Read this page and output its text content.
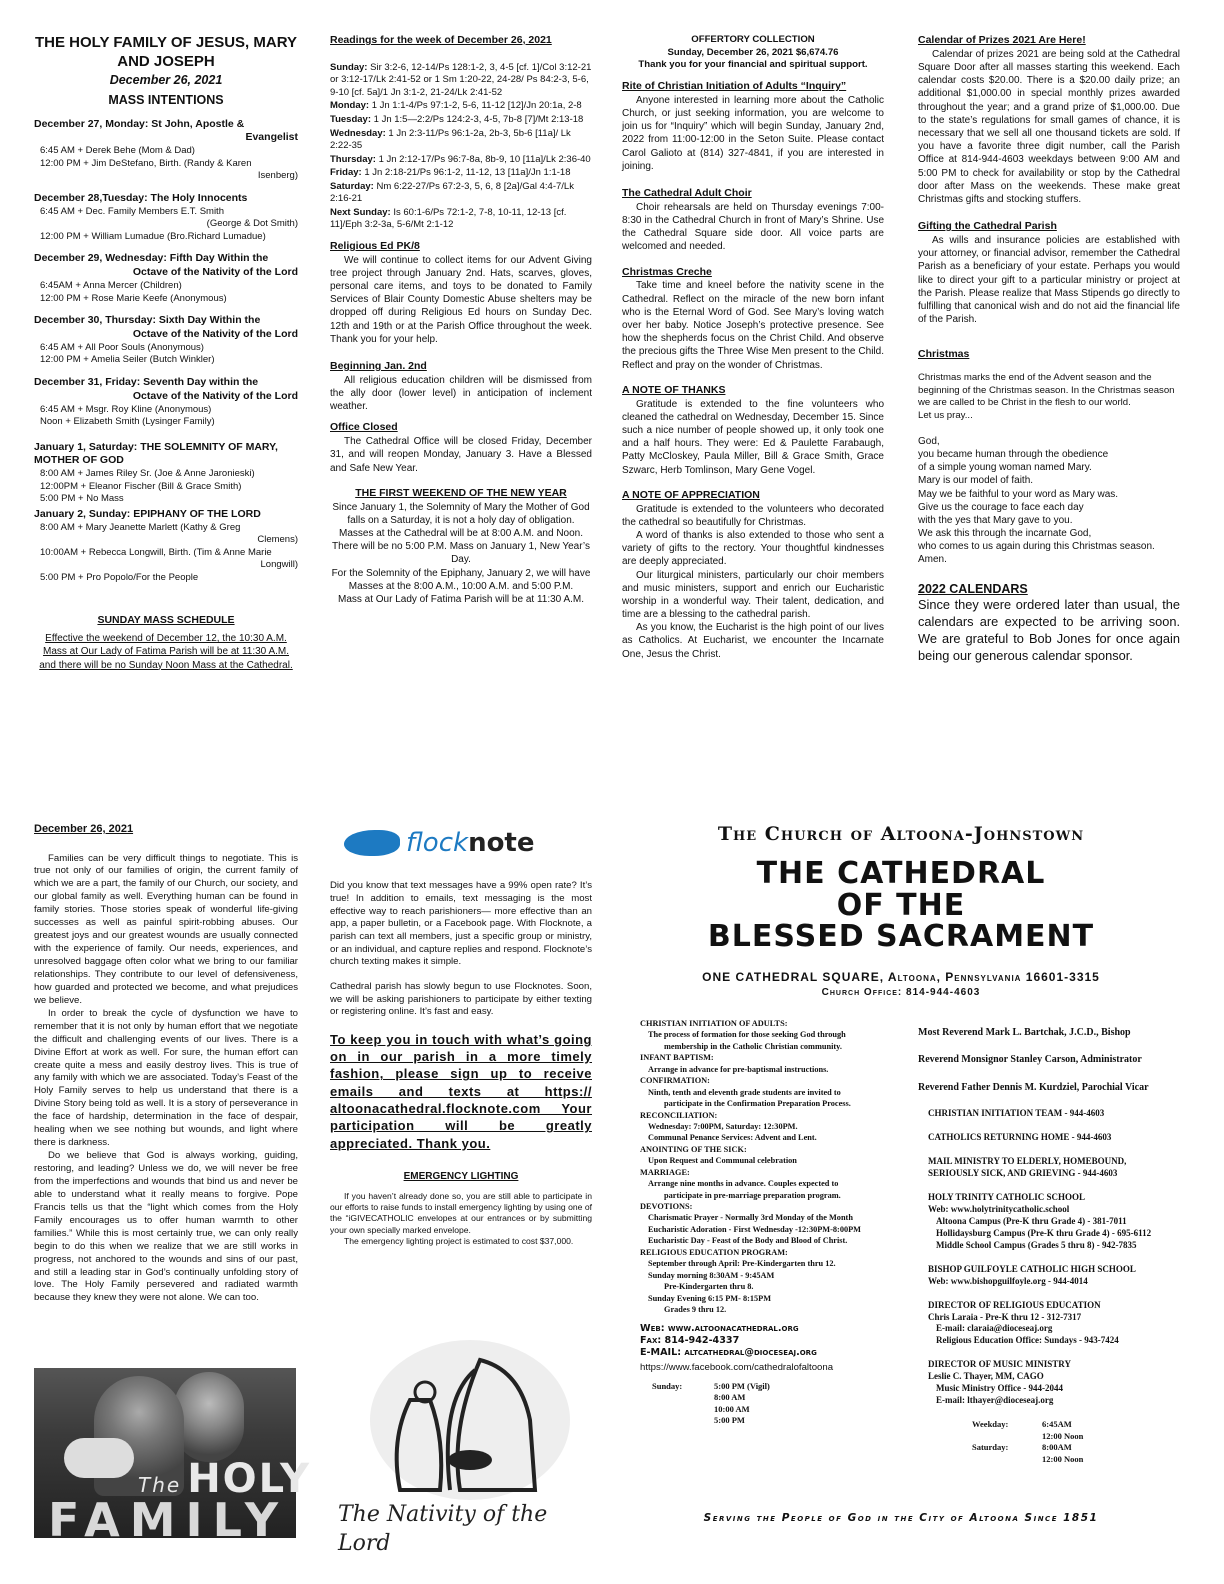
THE HOLY FAMILY OF JESUS, MARY AND JOSEPH
December 26, 2021
MASS INTENTIONS
December 27, Monday: St John, Apostle &
Evangelist
6:45 AM + Derek Behe (Mom & Dad)
12:00 PM + Jim DeStefano, Birth. (Randy & Karen
Isenberg)
December 28,Tuesday: The Holy Innocents
6:45 AM + Dec. Family Members E.T. Smith
(George & Dot Smith)
12:00 PM + William Lumadue (Bro.Richard Lumadue)
December 29, Wednesday: Fifth Day Within the
Octave of the Nativity of the Lord
6:45AM + Anna Mercer (Children)
12:00 PM + Rose Marie Keefe (Anonymous)
December 30, Thursday: Sixth Day Within the
Octave of the Nativity of the Lord
6:45 AM + All Poor Souls (Anonymous)
12:00 PM + Amelia Seiler (Butch Winkler)
December 31, Friday: Seventh Day within the
Octave of the Nativity of the Lord
6:45 AM + Msgr. Roy Kline (Anonymous)
Noon + Elizabeth Smith (Lysinger Family)
January 1, Saturday: THE SOLEMNITY OF MARY, MOTHER OF GOD
8:00 AM + James Riley Sr. (Joe & Anne Jaronieski)
12:00PM + Eleanor Fischer (Bill & Grace Smith)
5:00 PM + No Mass
January 2, Sunday: EPIPHANY OF THE LORD
8:00 AM + Mary Jeanette Marlett (Kathy & Greg
Clemens)
10:00AM + Rebecca Longwill, Birth. (Tim & Anne Marie
Longwill)
5:00 PM + Pro Popolo/For the People
SUNDAY MASS SCHEDULE
Effective the weekend of December 12, the 10:30 A.M. Mass at Our Lady of Fatima Parish will be at 11:30 A.M. and there will be no Sunday Noon Mass at the Cathedral.
Readings for the week of December 26, 2021
Sunday: Sir 3:2-6, 12-14/Ps 128:1-2, 3, 4-5 [cf. 1]/Col 3:12-21 or 3:12-17/Lk 2:41-52 or 1 Sm 1:20-22, 24-28/ Ps 84:2-3, 5-6, 9-10 [cf. 5a]/1 Jn 3:1-2, 21-24/Lk 2:41-52
Monday: 1 Jn 1:1-4/Ps 97:1-2, 5-6, 11-12 [12]/Jn 20:1a, 2-8
Tuesday: 1 Jn 1:5—2:2/Ps 124:2-3, 4-5, 7b-8 [7]/Mt 2:13-18
Wednesday: 1 Jn 2:3-11/Ps 96:1-2a, 2b-3, 5b-6 [11a]/ Lk 2:22-35
Thursday: 1 Jn 2:12-17/Ps 96:7-8a, 8b-9, 10 [11a]/Lk 2:36-40
Friday: 1 Jn 2:18-21/Ps 96:1-2, 11-12, 13 [11a]/Jn 1:1-18
Saturday: Nm 6:22-27/Ps 67:2-3, 5, 6, 8 [2a]/Gal 4:4-7/Lk 2:16-21
Next Sunday: Is 60:1-6/Ps 72:1-2, 7-8, 10-11, 12-13 [cf. 11]/Eph 3:2-3a, 5-6/Mt 2:1-12
Religious Ed PK/8

We will continue to collect items for our Advent Giving tree project through January 2nd. Hats, scarves, gloves, personal care items, and toys to be donated to Family Services of Blair County Domestic Abuse shelters may be dropped off during Religious Ed hours on Sunday Dec. 12th and 19th or at the Parish Office throughout the week. Thank you for your help.

Beginning Jan. 2nd

All religious education children will be dismissed from the ally door (lower level) in anticipation of inclement weather.

Office Closed

The Cathedral Office will be closed Friday, December 31, and will reopen Monday, January 3. Have a Blessed and Safe New Year.

THE FIRST WEEKEND OF THE NEW YEAR

Since January 1, the Solemnity of Mary the Mother of God falls on a Saturday, it is not a holy day of obligation. Masses at the Cathedral will be at 8:00 A.M. and Noon. There will be no 5:00 P.M. Mass on January 1, New Year’s Day.

For the Solemnity of the Epiphany, January 2, we will have Masses at the 8:00 A.M., 10:00 A.M. and 5:00 P.M.

Mass at Our Lady of Fatima Parish will be at 11:30 A.M.

OFFERTORY COLLECTION
Sunday, December 26, 2021 $6,674.76
Thank you for your financial and spiritual support.
Rite of Christian Initiation of Adults “Inquiry”

Anyone interested in learning more about the Catholic Church, or just seeking information, you are welcome to join us for “Inquiry” which will begin Sunday, January 2nd, 2022 from 11:00-12:00 in the Seton Suite. Please contact Carol Galioto at (814) 327-4841, if you are interested in joining.

The Cathedral Adult Choir

Choir rehearsals are held on Thursday evenings 7:00-8:30 in the Cathedral Church in front of Mary’s Shrine. Use the Cathedral Square side door. All voice parts are welcomed and needed.

Christmas Creche

Take time and kneel before the nativity scene in the Cathedral. Reflect on the miracle of the new born infant who is the Eternal Word of God. See Mary’s loving watch over her baby. Notice Joseph’s protective presence. See how the shepherds focus on the Christ Child. And observe the precious gifts the Three Wise Men present to the Child. Reflect and pray on the wonder of Christmas.

A NOTE OF THANKS

Gratitude is extended to the fine volunteers who cleaned the cathedral on Wednesday, December 15. Since such a nice number of people showed up, it only took one and a half hours. They were: Ed & Paulette Farabaugh, Patty McCloskey, Paula Miller, Bill & Grace Smith, Grace Szwarc, Herb Tomlinson, Mary Gene Vogel.

A NOTE OF APPRECIATION

Gratitude is extended to the volunteers who decorated the cathedral so beautifully for Christmas.

A word of thanks is also extended to those who sent a variety of gifts to the rectory. Your thoughtful kindnesses are deeply appreciated.

Our liturgical ministers, particularly our choir members and music ministers, support and enrich our Eucharistic worship in a wonderful way. Their talent, dedication, and time are a blessing to the cathedral parish.

As you know, the Eucharist is the high point of our lives as Catholics. At Eucharist, we encounter the Incarnate One, Jesus the Christ.

Calendar of Prizes 2021 Are Here!

Calendar of prizes 2021 are being sold at the Cathedral Square Door after all masses starting this weekend. Each calendar costs $20.00. There is a $20.00 daily prize; an additional $1,000.00 in special monthly prizes awarded throughout the year; and a grand prize of $1,000.00. Due to the state’s regulations for small games of chance, it is necessary that we sell all one thousand tickets are sold. If you have a favorite three digit number, call the Parish Office at 814-944-4603 weekdays between 9:00 AM and 5:00 PM to check for availability or stop by the Cathedral door after Mass on the weekends. These make great Christmas gifts and stocking stuffers.

Gifting the Cathedral Parish

As wills and insurance policies are established with your attorney, or financial advisor, remember the Cathedral Parish as a beneficiary of your estate. Perhaps you would like to direct your gift to a particular ministry or project at the Parish. Please realize that Mass Stipends go directly to fulfilling that canonical wish and do not aid the financial life of the Parish.

Christmas

Christmas marks the end of the Advent season and the beginning of the Christmas season. In the Christmas season we are called to be Christ in the flesh to our world.

Let us pray...

God,
you became human through the obedience
of a simple young woman named Mary.
Mary is our model of faith.
May we be faithful to your word as Mary was.
Give us the courage to face each day
with the yes that Mary gave to you.
We ask this through the incarnate God,
who comes to us again during this Christmas season.
Amen.
2022 CALENDARS

Since they were ordered later than usual, the calendars are expected to be arriving soon. We are grateful to Bob Jones for once again being our generous calendar sponsor.

December 26, 2021

Families can be very difficult things to negotiate. This is true not only of our families of origin, the current family of which we are a part, the family of our Church, our society, and our global family as well. Everything human can be found in family stories. Those stories speak of wonderful life-giving successes as well as painful spirit-robbing abuses. Our greatest joys and our greatest wounds are usually connected with the experience of family. Our needs, experiences, and unresolved baggage often color what we bring to our familiar relationships. They contribute to our level of defensiveness, how guarded and protected we become, and what prejudices we believe.

In order to break the cycle of dysfunction we have to remember that it is not only by human effort that we negotiate the difficult and challenging events of our lives. There is a Divine Effort at work as well. For sure, the human effort can create quite a mess and easily destroy lives. This is true of any family with which we are associated. Today’s Feast of the Holy Family serves to help us understand that there is a Divine Story being told as well. It is a story of perseverance in the face of hardship, determination in the face of despair, healing when we see nothing but wounds, and light where there is darkness.

Do we believe that God is always working, guiding, restoring, and leading? Unless we do, we will never be free from the imperfections and wounds that bind us and never be able to understand what it really means to forgive. Pope Francis tells us that the “light which comes from the Holy Family encourages us to offer human warmth to other families.” While this is most certainly true, we can only really begin to do this when we realize that we are still works in progress, not anchored to the wounds and sins of our past, and still a leading star in God’s continually unfolding story of love. The Holy Family persevered and radiated warmth because they knew they were not alone. We can too.

The HOLY
FAMILY
flocknote

Did you know that text messages have a 99% open rate? It’s true! In addition to emails, text messaging is the most effective way to reach parishioners— more effective than an app, a paper bulletin, or a Facebook page. With Flocknote, a parish can text all members, just a specific group or ministry, or an individual, and capture replies and respond. Flocknote’s church texting makes it simple.

Cathedral parish has slowly begun to use Flocknotes. Soon, we will be asking parishioners to participate by either texting or registering online. It’s fast and easy.

To keep you in touch with what’s going on in our parish in a more timely fashion, please sign up to receive emails and texts at https:// altoonacathedral.flocknote.com Your participation will be greatly appreciated. Thank you.
EMERGENCY LIGHTING

If you haven’t already done so, you are still able to participate in our efforts to raise funds to install emergency lighting by using one of the “iGIVECATHOLIC envelopes at our entrances or by submitting your own specially marked envelope.

The emergency lighting project is estimated to cost $37,000.

The Nativity of the Lord
The Church of Altoona-Johnstown
THE CATHEDRAL
OF THE
BLESSED SACRAMENT
ONE CATHEDRAL SQUARE, Altoona, Pennsylvania 16601-3315
Church Office: 814-944-4603
CHRISTIAN INITIATION OF ADULTS:
The process of formation for those seeking God through
membership in the Catholic Christian community.
INFANT BAPTISM:
Arrange in advance for pre-baptismal instructions.
CONFIRMATION:
Ninth, tenth and eleventh grade students are invited to
participate in the Confirmation Preparation Process.
RECONCILIATION:
Wednesday: 7:00PM, Saturday: 12:30PM.
Communal Penance Services: Advent and Lent.
ANOINTING OF THE SICK:
Upon Request and Communal celebration
MARRIAGE:
Arrange nine months in advance. Couples expected to
participate in pre-marriage preparation program.
DEVOTIONS:
Charismatic Prayer - Normally 3rd Monday of the Month
Eucharistic Adoration - First Wednesday -12:30PM-8:00PM
Eucharistic Day - Feast of the Body and Blood of Christ.
RELIGIOUS EDUCATION PROGRAM:
September through April: Pre-Kindergarten thru 12.
Sunday morning 8:30AM - 9:45AM
Pre-Kindergarten thru 8.
Sunday Evening 6:15 PM- 8:15PM
Grades 9 thru 12.
Web: www.altoonacathedral.org
Fax: 814-942-4337
E-MAIL: altcathedral@dioceseaj.org
https://www.facebook.com/cathedralofaltoona
Sunday:	5:00 PM (Vigil)
8:00 AM
10:00 AM
5:00 PM
Most Reverend Mark L. Bartchak, J.C.D., Bishop
Reverend Monsignor Stanley Carson, Administrator
Reverend Father Dennis M. Kurdziel, Parochial Vicar
CHRISTIAN INITIATION TEAM - 944-4603
CATHOLICS RETURNING HOME - 944-4603
MAIL MINISTRY TO ELDERLY, HOMEBOUND,
SERIOUSLY SICK, AND GRIEVING - 944-4603
HOLY TRINITY CATHOLIC SCHOOL
Web: www.holytrinitycatholic.school
Altoona Campus (Pre-K thru Grade 4) - 381-7011
Hollidaysburg Campus (Pre-K thru Grade 4) - 695-6112
Middle School Campus (Grades 5 thru 8) - 942-7835
BISHOP GUILFOYLE CATHOLIC HIGH SCHOOL
Web: www.bishopguilfoyle.org - 944-4014
DIRECTOR OF RELIGIOUS EDUCATION
Chris Laraia - Pre-K thru 12 - 312-7317
E-mail: claraia@dioceseaj.org
Religious Education Office: Sundays - 943-7424
DIRECTOR OF MUSIC MINISTRY
Leslie C. Thayer, MM, CAGO
Music Ministry Office - 944-2044
E-mail: lthayer@dioceseaj.org
Weekday:	6:45AM
12:00 Noon
Saturday:	8:00AM
12:00 Noon
Serving the People of God in the City of Altoona Since 1851
